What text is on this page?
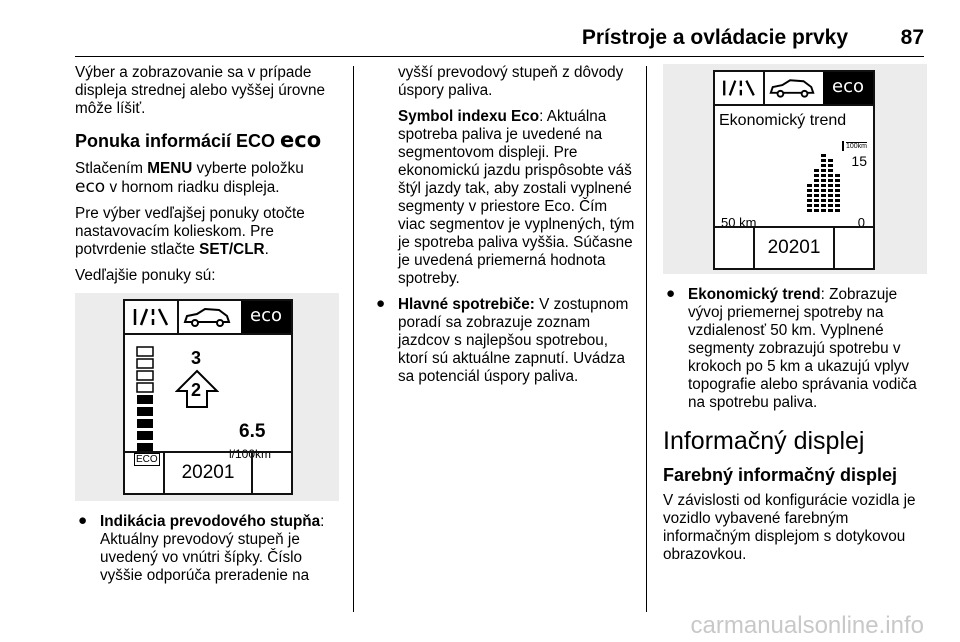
Prístroje a ovládacie prvky	87

Výber a zobrazovanie sa v prípade displeja strednej alebo vyššej úrovne môže líšiť.

Ponuka informácií ECO eco

Stlačením MENU vyberte položku
eco v hornom riadku displeja.

Pre výber vedľajšej ponuky otočte nastavovacím kolieskom. Pre potvrdenie stlačte SET/CLR.

Vedľajšie ponuky sú:

eco
ECO
3
2
6.5
l/100km
20201
● Indikácia prevodového stupňa: Aktuálny prevodový stupeň je uvedený vo vnútri šípky. Číslo vyššie odporúča preradenie na

vyšší prevodový stupeň z dôvody úspory paliva.

Symbol indexu Eco: Aktuálna spotreba paliva je uvedené na segmentovom displeji. Pre ekonomickú jazdu prispôsobte váš štýl jazdy tak, aby zostali vyplnené segmenty v priestore Eco. Čím viac segmentov je vyplnených, tým je spotreba paliva vyššia. Súčasne je uvedená priemerná hodnota spotreby.

● Hlavné spotrebiče: V zostupnom poradí sa zobrazuje zoznam jazdcov s najlepšou spotrebou, ktorí sú aktuálne zapnutí. Uvádza sa potenciál úspory paliva.
eco
Ekonomický trend
100km
15
50 km	0
20201
● Ekonomický trend: Zobrazuje vývoj priemernej spotreby na vzdialenosť 50 km. Vyplnené segmenty zobrazujú spotrebu v krokoch po 5 km a ukazujú vplyv topografie alebo správania vodiča na spotrebu paliva.
Informačný displej
Farebný informačný displej

V závislosti od konfigurácie vozidla je vozidlo vybavené farebným informačným displejom s dotykovou obrazovkou.

carmanualsonline.info
